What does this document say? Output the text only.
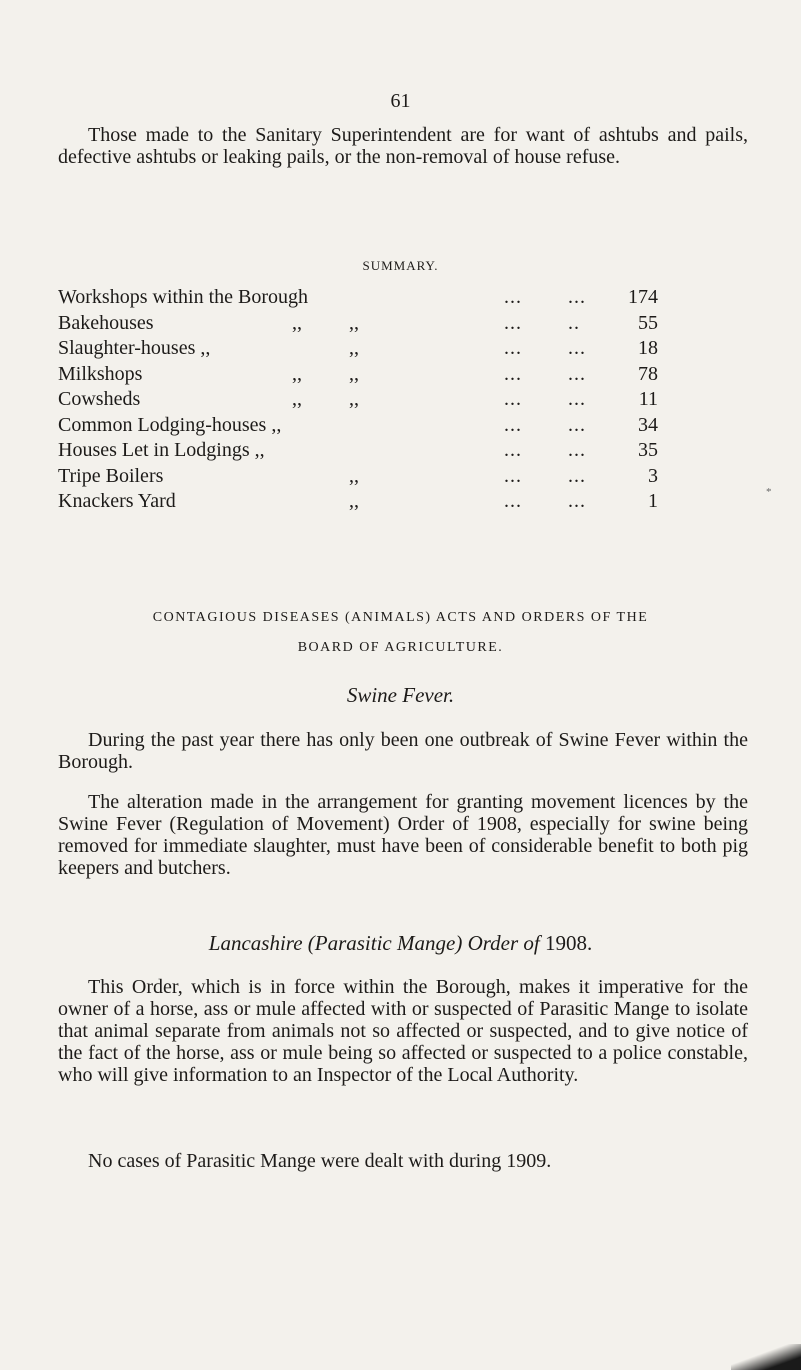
61

Those made to the Sanitary Superintendent are for want of ashtubs and pails, defective ashtubs or leaking pails, or the non-removal of house refuse.

SUMMARY.

Workshops within the Borough	... ...	174
Bakehouses	,, ,,	... ..	55
Slaughter-houses ,,	,,	... ...	18
Milkshops	,, ,,	... ...	78
Cowsheds	,, ,,	... ...	11
Common Lodging-houses ,,	... ...	34
Houses Let in Lodgings ,,	... ...	35
Tripe Boilers	,,	... ...	3
Knackers Yard	,,	... ...	1	*

CONTAGIOUS DISEASES (ANIMALS) ACTS AND ORDERS OF THE

BOARD OF AGRICULTURE.

Swine Fever.

During the past year there has only been one outbreak of Swine Fever within the Borough.

The alteration made in the arrangement for granting movement licences by the Swine Fever (Regulation of Movement) Order of 1908, especially for swine being removed for immediate slaughter, must have been of considerable benefit to both pig keepers and butchers.

Lancashire (Parasitic Mange) Order of 1908.

This Order, which is in force within the Borough, makes it imperative for the owner of a horse, ass or mule affected with or suspected of Parasitic Mange to isolate that animal separate from animals not so affected or suspected, and to give notice of the fact of the horse, ass or mule being so affected or suspected to a police constable, who will give information to an Inspector of the Local Authority.

No cases of Parasitic Mange were dealt with during 1909.
